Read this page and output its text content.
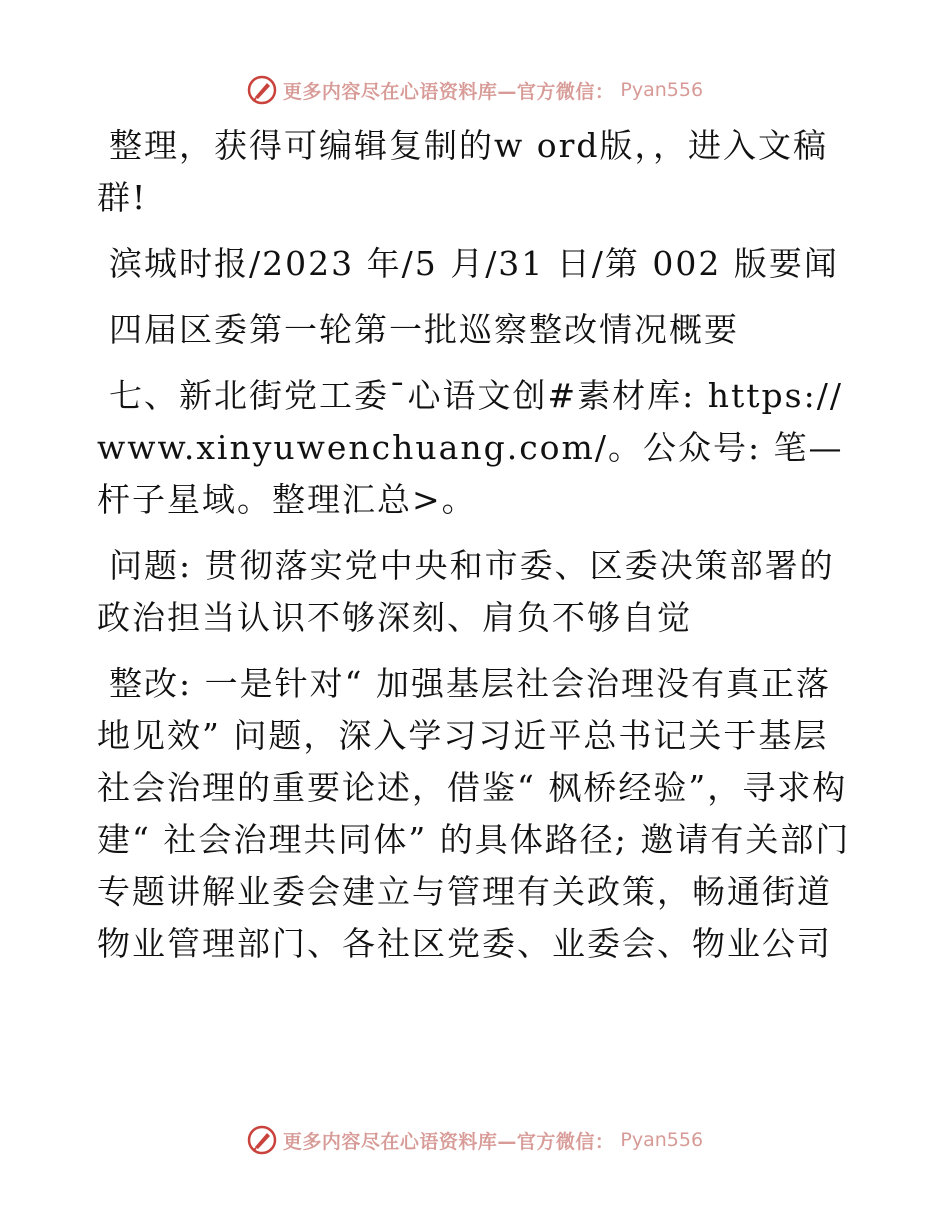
更多内容尽在心语资料库—官方微信： Pyan556

整理，获得可编辑复制的w ord版，，进入文稿群!

滨城时报/2023 年/5 月/31 日/第 002 版要闻

四届区委第一轮第一批巡察整改情况概要

七、新北街党工委¯心语文创#素材库: https://www.xinyuwenchuang.com/。公众号: 笔—杆子星域。整理汇总>。

问题: 贯彻落实党中央和市委、区委决策部署的政治担当认识不够深刻、肩负不够自觉

整改: 一是针对“ 加强基层社会治理没有真正落地见效” 问题，深入学习习近平总书记关于基层社会治理的重要论述，借鉴“ 枫桥经验”，寻求构建“ 社会治理共同体” 的具体路径; 邀请有关部门专题讲解业委会建立与管理有关政策，畅通街道物业管理部门、各社区党委、业委会、物业公司

更多内容尽在心语资料库—官方微信： Pyan556
